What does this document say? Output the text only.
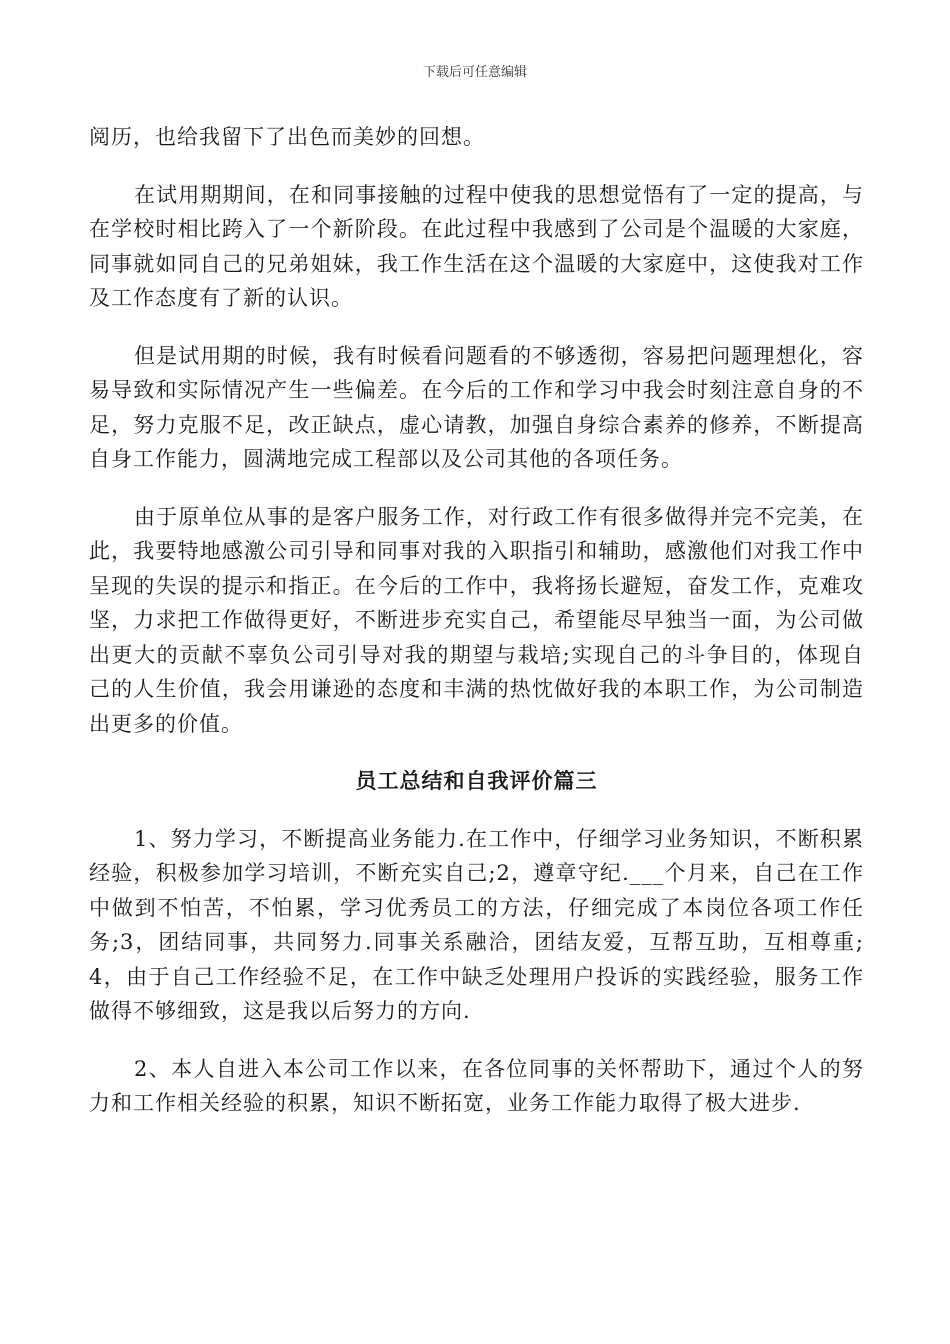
下载后可任意编辑

阅历，也给我留下了出色而美妙的回想。

在试用期期间，在和同事接触的过程中使我的思想觉悟有了一定的提高，与在学校时相比跨入了一个新阶段。在此过程中我感到了公司是个温暖的大家庭，同事就如同自己的兄弟姐妹，我工作生活在这个温暖的大家庭中，这使我对工作及工作态度有了新的认识。

但是试用期的时候，我有时候看问题看的不够透彻，容易把问题理想化，容易导致和实际情况产生一些偏差。在今后的工作和学习中我会时刻注意自身的不足，努力克服不足，改正缺点，虚心请教，加强自身综合素养的修养，不断提高自身工作能力，圆满地完成工程部以及公司其他的各项任务。

由于原单位从事的是客户服务工作，对行政工作有很多做得并完不完美，在此，我要特地感激公司引导和同事对我的入职指引和辅助，感激他们对我工作中呈现的失误的提示和指正。在今后的工作中，我将扬长避短，奋发工作，克难攻坚，力求把工作做得更好，不断进步充实自己，希望能尽早独当一面，为公司做出更大的贡献不辜负公司引导对我的期望与栽培;实现自己的斗争目的，体现自己的人生价值，我会用谦逊的态度和丰满的热忱做好我的本职工作，为公司制造出更多的价值。

员工总结和自我评价篇三

1、努力学习，不断提高业务能力.在工作中，仔细学习业务知识，不断积累经验，积极参加学习培训，不断充实自己;2，遵章守纪.___个月来，自己在工作中做到不怕苦，不怕累，学习优秀员工的方法，仔细完成了本岗位各项工作任务;3，团结同事，共同努力.同事关系融洽，团结友爱，互帮互助，互相尊重;4，由于自己工作经验不足，在工作中缺乏处理用户投诉的实践经验，服务工作做得不够细致，这是我以后努力的方向.

2、本人自进入本公司工作以来，在各位同事的关怀帮助下，通过个人的努力和工作相关经验的积累，知识不断拓宽，业务工作能力取得了极大进步.
